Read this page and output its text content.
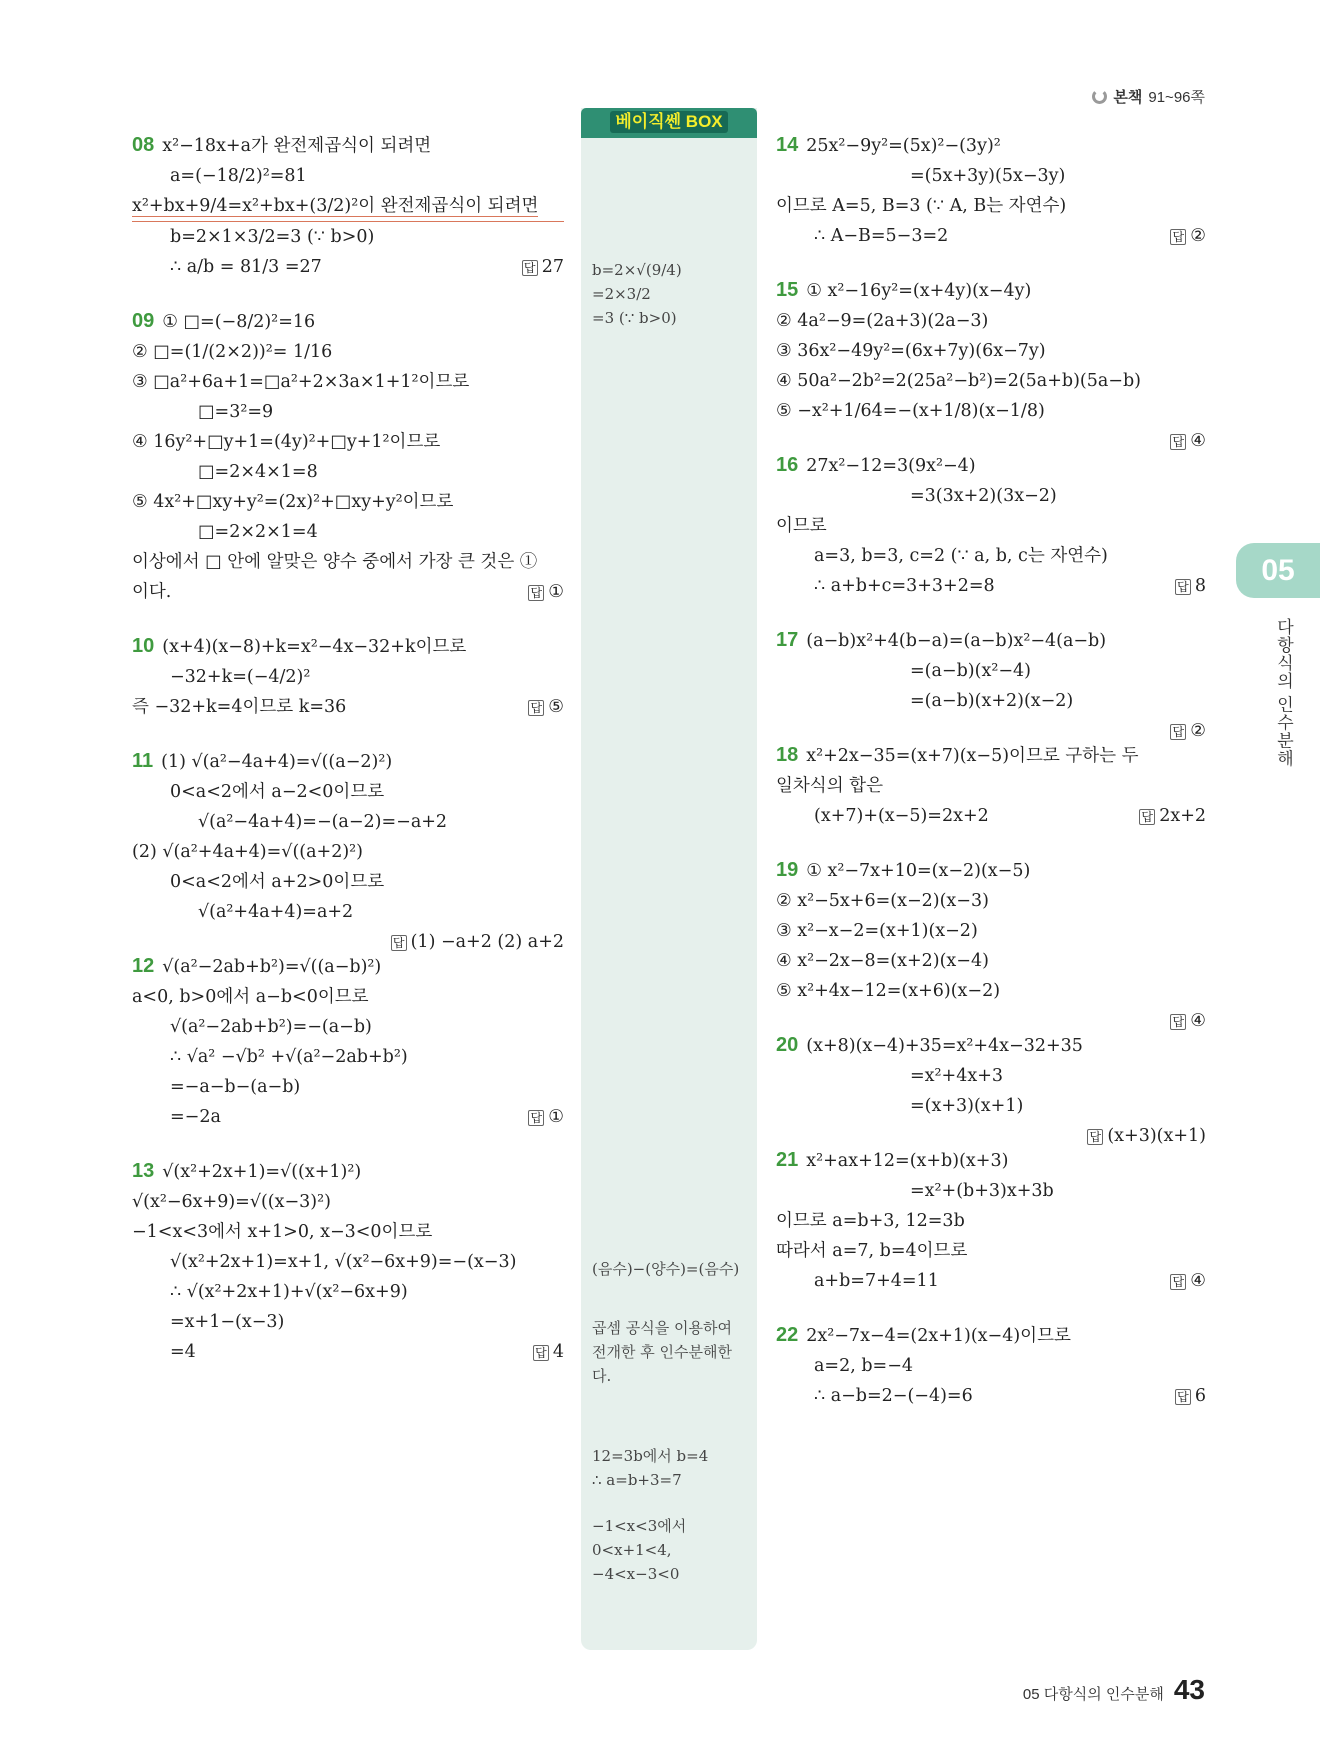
본책 91~96쪽
베이직쎈 BOX
08 x²−18x+a가 완전제곱식이 되려면
a=(−18/2)²=81
x²+bx+9/4=x²+bx+(3/2)²이 완전제곱식이 되려면
b=2×1×3/2=3 (∵ b>0)
∴ a/b = 81/3 =27	답 27
09 ① □=(−8/2)²=16
② □=(1/(2×2))²= 1/16
③ □a²+6a+1=□a²+2×3a×1+1²이므로
□=3²=9
④ 16y²+□y+1=(4y)²+□y+1²이므로
□=2×4×1=8
⑤ 4x²+□xy+y²=(2x)²+□xy+y²이므로
□=2×2×1=4
이상에서 □ 안에 알맞은 양수 중에서 가장 큰 것은 ①
이다.	답 ①
10 (x+4)(x−8)+k=x²−4x−32+k이므로
−32+k=(−4/2)²
즉 −32+k=4이므로 k=36	답 ⑤
11 (1) √(a²−4a+4)=√((a−2)²)
0<a<2에서 a−2<0이므로
√(a²−4a+4)=−(a−2)=−a+2
(2) √(a²+4a+4)=√((a+2)²)
0<a<2에서 a+2>0이므로
√(a²+4a+4)=a+2
답 (1) −a+2 (2) a+2
12 √(a²−2ab+b²)=√((a−b)²)
a<0, b>0에서 a−b<0이므로
√(a²−2ab+b²)=−(a−b)
∴ √a² −√b² +√(a²−2ab+b²)
=−a−b−(a−b)
=−2a	답 ①
13 √(x²+2x+1)=√((x+1)²)
√(x²−6x+9)=√((x−3)²)
−1<x<3에서 x+1>0, x−3<0이므로
√(x²+2x+1)=x+1, √(x²−6x+9)=−(x−3)
∴ √(x²+2x+1)+√(x²−6x+9)
=x+1−(x−3)
=4	답 4
14 25x²−9y²=(5x)²−(3y)²
=(5x+3y)(5x−3y)
이므로 A=5, B=3 (∵ A, B는 자연수)
∴ A−B=5−3=2	답 ②
15 ① x²−16y²=(x+4y)(x−4y)
② 4a²−9=(2a+3)(2a−3)
③ 36x²−49y²=(6x+7y)(6x−7y)
④ 50a²−2b²=2(25a²−b²)=2(5a+b)(5a−b)
⑤ −x²+1/64=−(x+1/8)(x−1/8)
답 ④
16 27x²−12=3(9x²−4)
=3(3x+2)(3x−2)
이므로
a=3, b=3, c=2 (∵ a, b, c는 자연수)
∴ a+b+c=3+3+2=8	답 8
17 (a−b)x²+4(b−a)=(a−b)x²−4(a−b)
=(a−b)(x²−4)
=(a−b)(x+2)(x−2)
답 ②
18 x²+2x−35=(x+7)(x−5)이므로 구하는 두
일차식의 합은
(x+7)+(x−5)=2x+2	답 2x+2
19 ① x²−7x+10=(x−2)(x−5)
② x²−5x+6=(x−2)(x−3)
③ x²−x−2=(x+1)(x−2)
④ x²−2x−8=(x+2)(x−4)
⑤ x²+4x−12=(x+6)(x−2)
답 ④
20 (x+8)(x−4)+35=x²+4x−32+35
=x²+4x+3
=(x+3)(x+1)
답 (x+3)(x+1)
21 x²+ax+12=(x+b)(x+3)
=x²+(b+3)x+3b
이므로 a=b+3, 12=3b
따라서 a=7, b=4이므로
a+b=7+4=11	답 ④
22 2x²−7x−4=(2x+1)(x−4)이므로
a=2, b=−4
∴ a−b=2−(−4)=6	답 6
b=2×√(9/4)
=2×3/2
=3 (∵ b>0)
(음수)−(양수)=(음수)
곱셈 공식을 이용하여
전개한 후 인수분해한
다.
12=3b에서 b=4
∴ a=b+3=7
−1<x<3에서
0<x+1<4,
−4<x−3<0
05
다항식의 인수분해
05 다항식의 인수분해 43
